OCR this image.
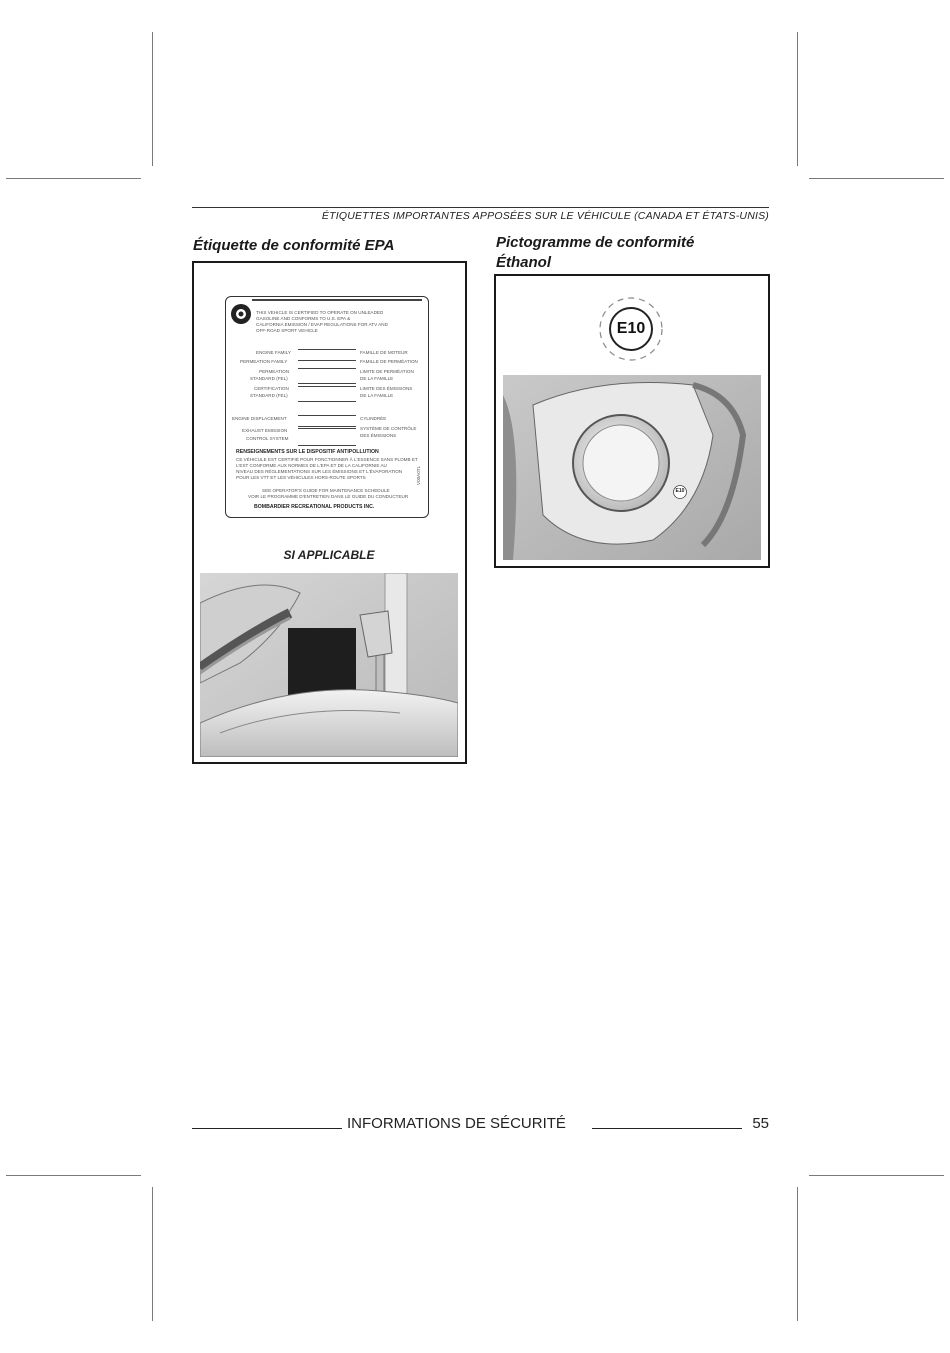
ÉTIQUETTES IMPORTANTES APPOSÉES SUR LE VÉHICULE (CANADA ET ÉTATS-UNIS)
Étiquette de conformité EPA
THIS VEHICLE IS CERTIFIED TO OPERATE ON UNLEADED
GASOLINE AND CONFORMS TO U.S. EPA &
CALIFORNIA EMISSION / EVAP REGULATIONS FOR ATV AND
OFF-ROAD SPORT VEHICLE
ENGINE FAMILY
PERMEATION FAMILY
PERMEATION
STANDARD (FEL)
CERTIFICATION
STANDARD (FEL)
ENGINE DISPLACEMENT
EXHAUST EMISSION
CONTROL SYSTEM
FAMILLE DE MOTEUR
FAMILLE DE PERMÉATION
LIMITE DE PERMÉATION
DE LA FAMILLE
LIMITE DES ÉMISSIONS
DE LA FAMILLE
CYLINDRÉE
SYSTÈME DE CONTRÔLE
DES ÉMISSIONS
RENSEIGNEMENTS SUR LE DISPOSITIF ANTIPOLLUTION
CE VÉHICULE EST CERTIFIÉ POUR FONCTIONNER À L'ESSENCE SANS PLOMB ET
L'EST CONFORME AUX NORMES DE L'EPA ET DE LA CALIFORNIE AU
NIVEAU DES RÉGLEMENTATIONS SUR LES ÉMISSIONS ET L'ÉVAPORATION
POUR LES VTT ET LES VÉHICULES HORS-ROUTE SPORTS
SEE OPERATOR'S GUIDE FOR MAINTENANCE SCHEDULE
VOIR LE PROGRAMME D'ENTRETIEN DANS LE GUIDE DU CONDUCTEUR
BOMBARDIER RECREATIONAL PRODUCTS INC.
V00A0TL
SI APPLICABLE
Pictogramme de conformité
Éthanol
E10
E10
INFORMATIONS DE SÉCURITÉ	55
